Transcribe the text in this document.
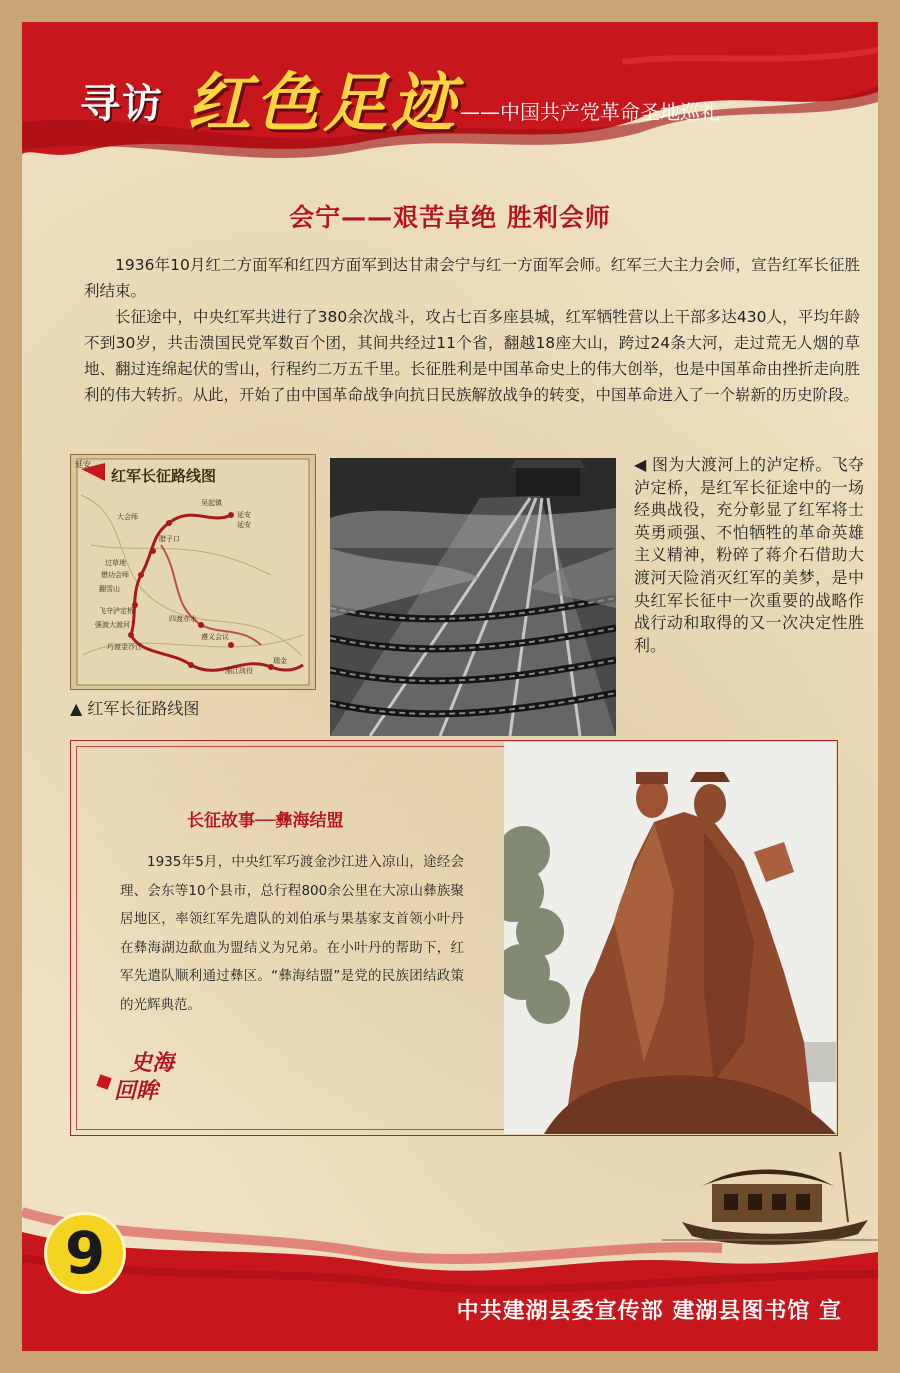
寻访 红色足迹 ——中国共产党革命圣地巡礼
会宁——艰苦卓绝 胜利会师

1936年10月红二方面军和红四方面军到达甘肃会宁与红一方面军会师。红军三大主力会师，宣告红军长征胜利结束。

长征途中，中央红军共进行了380余次战斗，攻占七百多座县城，红军牺牲营以上干部多达430人，平均年龄不到30岁，共击溃国民党军数百个团，其间共经过11个省，翻越18座大山，跨过24条大河，走过荒无人烟的草地、翻过连绵起伏的雪山，行程约二万五千里。长征胜利是中国革命史上的伟大创举，也是中国革命由挫折走向胜利的伟大转折。从此，开始了由中国革命战争向抗日民族解放战争的转变，中国革命进入了一个崭新的历史阶段。

红军长征路线图
延安
延安
吴起镇
大会师
腊子口
过草地
懋功会师
翻雪山
飞夺泸定桥
强渡大渡河
巧渡金沙江
四渡赤水
遵义会议
湘江战役
瑞金
延安
▲ 红军长征路线图
◀ 图为大渡河上的泸定桥。飞夺泸定桥，是红军长征途中的一场经典战役，充分彰显了红军将士英勇顽强、不怕牺牲的革命英雄主义精神，粉碎了蒋介石借助大渡河天险消灭红军的美梦，是中央红军长征中一次重要的战略作战行动和取得的又一次决定性胜利。
长征故事──彝海结盟

1935年5月，中央红军巧渡金沙江进入凉山，途经会理、会东等10个县市，总行程800余公里在大凉山彝族聚居地区，率领红军先遣队的刘伯承与果基家支首领小叶丹在彝海湖边歃血为盟结义为兄弟。在小叶丹的帮助下，红军先遣队顺利通过彝区。“彝海结盟”是党的民族团结政策的光辉典范。

史海
回眸
9
中共建湖县委宣传部 建湖县图书馆 宣
